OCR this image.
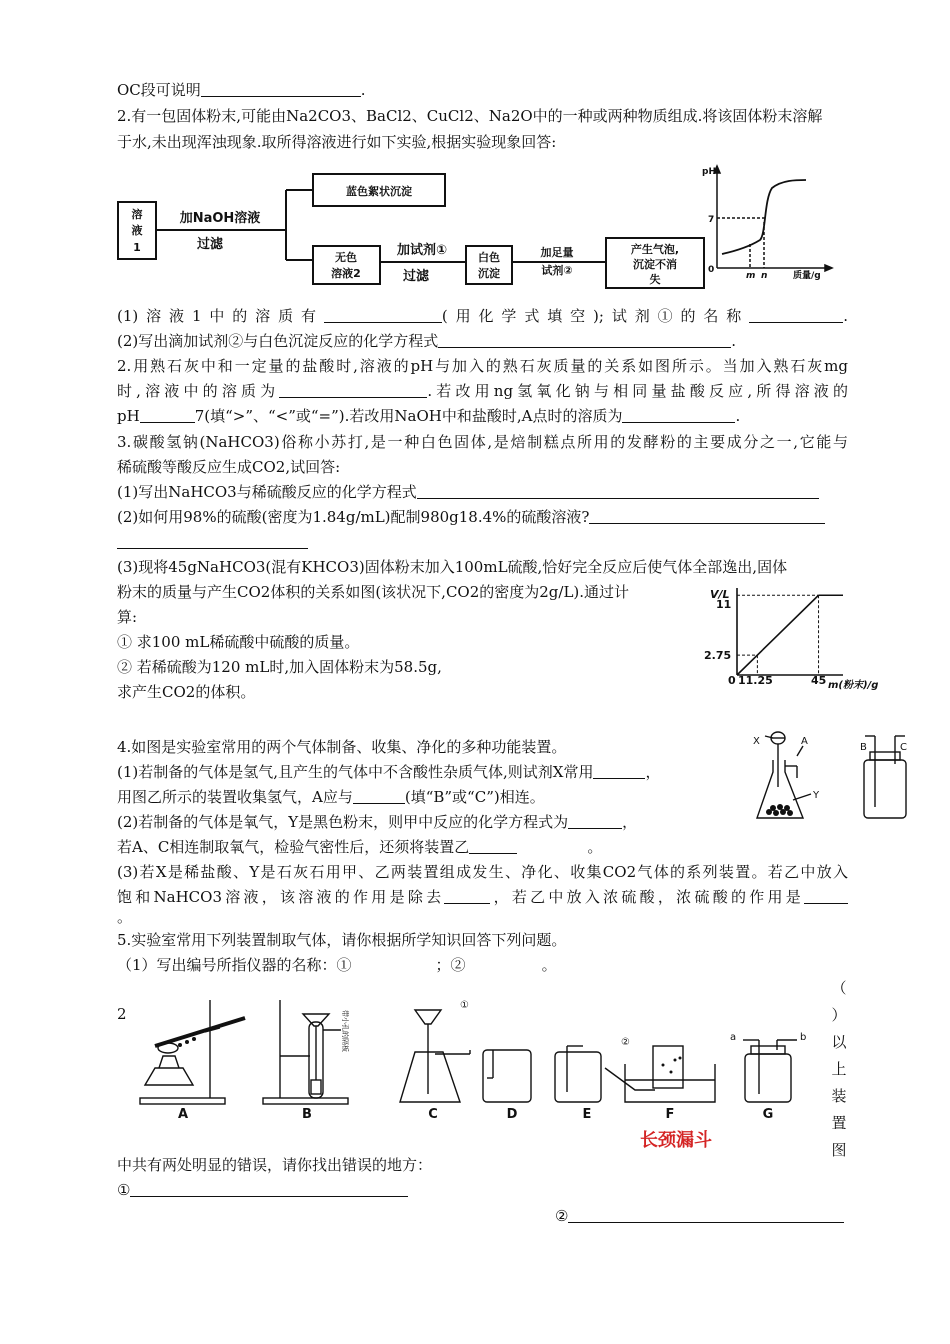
OC段可说明	.
2.有一包固体粉末,可能由Na2CO3、BaCl2、CuCl2、Na2O中的一种或两种物质组成.将该固体粉末溶解
于水,未出现浑浊现象.取所得溶液进行如下实验,根据实验现象回答:
溶
液
1
蓝色絮状沉淀
无色
溶液2
白色
沉淀
产生气泡,
沉淀不消
失
加NaOH溶液
过滤	加试剂①
过滤
加足量
试剂②
pH
7
0
m n	质量/g
(1)溶液1中的溶质有	(用化学式填空);试剂①的名称	.
(2)写出滴加试剂②与白色沉淀反应的化学方程式	.
2.用熟石灰中和一定量的盐酸时,溶液的pH与加入的熟石灰质量的关系如图所示。当加入熟石灰mg
时,溶液中的溶质为	.若改用ng氢氧化钠与相同量盐酸反应,所得溶液的
pH	7(填“>”、“<”或“=”).若改用NaOH中和盐酸时,A点时的溶质为	.
3.碳酸氢钠(NaHCO3)俗称小苏打,是一种白色固体,是焙制糕点所用的发酵粉的主要成分之一,它能与
稀硫酸等酸反应生成CO2,试回答:
(1)写出NaHCO3与稀硫酸反应的化学方程式
(2)如何用98%的硫酸(密度为1.84g/mL)配制980g18.4%的硫酸溶液?
(3)现将45gNaHCO3(混有KHCO3)固体粉末加入100mL硫酸,恰好完全反应后使气体全部逸出,固体
粉末的质量与产生CO2体积的关系如图(该状况下,CO2的密度为2g/L).通过计
算:
① 求100 mL稀硫酸中硫酸的质量。
② 若稀硫酸为120 mL时,加入固体粉末为58.5g,
求产生CO2的体积。
V/L
11
2.75
0 11.25	45 m(粉末)/g
4.如图是实验室常用的两个气体制备、收集、净化的多种功能装置。
(1)若制备的气体是氢气,且产生的气体中不含酸性杂质气体,则试剂X常用	，
用图乙所示的装置收集氢气，A应与	(填“B”或“C”)相连。
(2)若制备的气体是氧气，Y是黑色粉末，则甲中反应的化学方程式为	，
若A、C相连制取氧气，检验气密性后，还须将装置乙	。
(3)若X是稀盐酸、Y是石灰石用甲、乙两装置组成发生、净化、收集CO2气体的系列装置。若乙中放入
饱和NaHCO3溶液，该溶液的作用是除去	，若乙中放入浓硫酸，浓硫酸的作用是
。
X	A
Y
B	C
5.实验室常用下列装置制取气体，请你根据所学知识回答下列问题。
（1）写出编号所指仪器的名称：①	；②	。
2
（
）
以
上
装
置
图
带小孔的隔板
①
②	a	b
A	B	C	D	E	F	G
长颈漏斗
中共有两处明显的错误，请你找出错误的地方：
①
②
